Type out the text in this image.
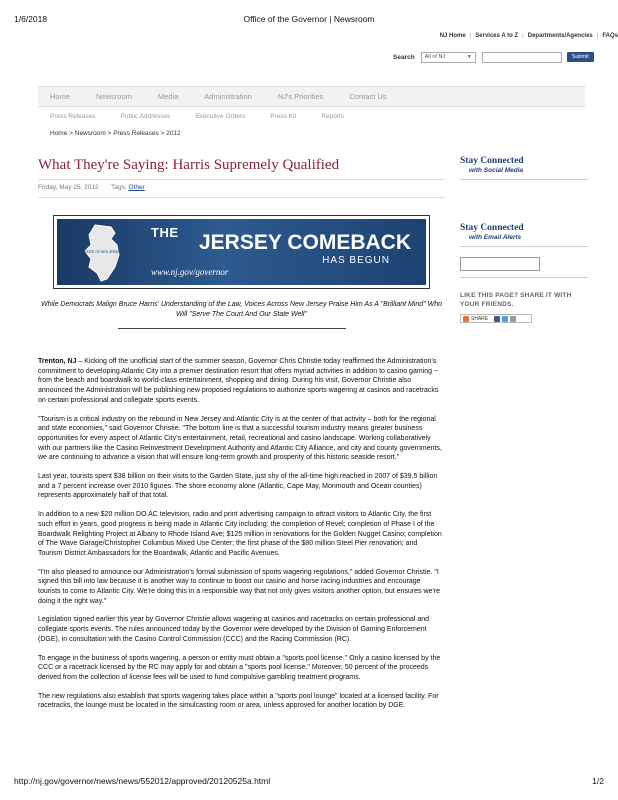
1/6/2018	Office of the Governor | Newsroom
NJ Home | Services A to Z | Departments/Agencies | FAQs
Search	All of NJ	▼	Submit
Home	Newsroom	Media	Administration	NJ's Priorities	Contact Us
Press Releases	Public Addresses	Executive Orders	Press Kit	Reports
Home > Newsroom > Press Releases > 2012
What They're Saying: Harris Supremely Qualified
Friday, May 25, 2012 Tags: Other
STATE OF NEW JERSEY
THE JERSEY COMEBACK
HAS BEGUN
www.nj.gov/governor
While Democrats Malign Bruce Harris' Understanding of the Law, Voices Across New Jersey Praise Him As A "Brilliant Mind" Who Will "Serve The Court And Our State Well"

Trenton, NJ – Kicking off the unofficial start of the summer season, Governor Chris Christie today reaffirmed the Administration's commitment to developing Atlantic City into a premier destination resort that offers myriad activities in addition to casino gaming -- from the beach and boardwalk to world-class entertainment, shopping and dining. During his visit, Governor Christie also announced the Administration will be publishing new proposed regulations to authorize sports wagering at casinos and racetracks on certain professional and collegiate sports events.

"Tourism is a critical industry on the rebound in New Jersey and Atlantic City is at the center of that activity – both for the regional and state economies," said Governor Christie. "The bottom line is that a successful tourism industry means greater business opportunities for every aspect of Atlantic City's entertainment, retail, recreational and casino landscape. Working collaboratively with our partners like the Casino Reinvestment Development Authority and Atlantic City Alliance, and city and county governments, we are continuing to advance a vision that will ensure long-term growth and prosperity of this historic seaside resort."

Last year, tourists spent $38 billion on their visits to the Garden State, just shy of the all-time high reached in 2007 of $39.5 billion and a 7 percent increase over 2010 figures. The shore economy alone (Atlantic, Cape May, Monmouth and Ocean counties) represents approximately half of that total.

In addition to a new $20 million DO AC television, radio and print advertising campaign to attract visitors to Atlantic City, the first such effort in years, good progress is being made in Atlantic City including: the completion of Revel; completion of Phase I of the Boardwalk Relighting Project at Albany to Rhode Island Ave; $125 million in renovations for the Golden Nugget Casino; completion of The Wave Garage/Christopher Columbus Mixed Use Center; the first phase of the $80 million Steel Pier renovation; and Tourism District Ambassadors for the Boardwalk, Atlantic and Pacific Avenues.

"I'm also pleased to announce our Administration's formal submission of sports wagering regulations," added Governor Christie. "I signed this bill into law because it is another way to continue to boost our casino and horse racing industries and encourage tourists to come to Atlantic City. We're doing this in a responsible way that not only gives visitors another option, but ensures we're doing it the right way."

Legislation signed earlier this year by Governor Christie allows wagering at casinos and racetracks on certain professional and collegiate sports events. The rules announced today by the Governor were developed by the Division of Gaming Enforcement (DGE), in consultation with the Casino Control Commission (CCC) and the Racing Commission (RC).

To engage in the business of sports wagering, a person or entity must obtain a "sports pool license." Only a casino licensed by the CCC or a racetrack licensed by the RC may apply for and obtain a "sports pool license." Moreover, 50 percent of the proceeds derived from the collection of license fees will be used to fund compulsive gambling treatment programs.

The new regulations also establish that sports wagering takes place within a "sports pool lounge" located at a licensed facility. For racetracks, the lounge must be located in the simulcasting room or area, unless approved for another location by DGE.

Stay Connected
with Social Media
Stay Connected
with Email Alerts
LIKE THIS PAGE? SHARE IT WITH YOUR FRIENDS.
SHARE
http://nj.gov/governor/news/news/552012/approved/20120525a.html	1/2
